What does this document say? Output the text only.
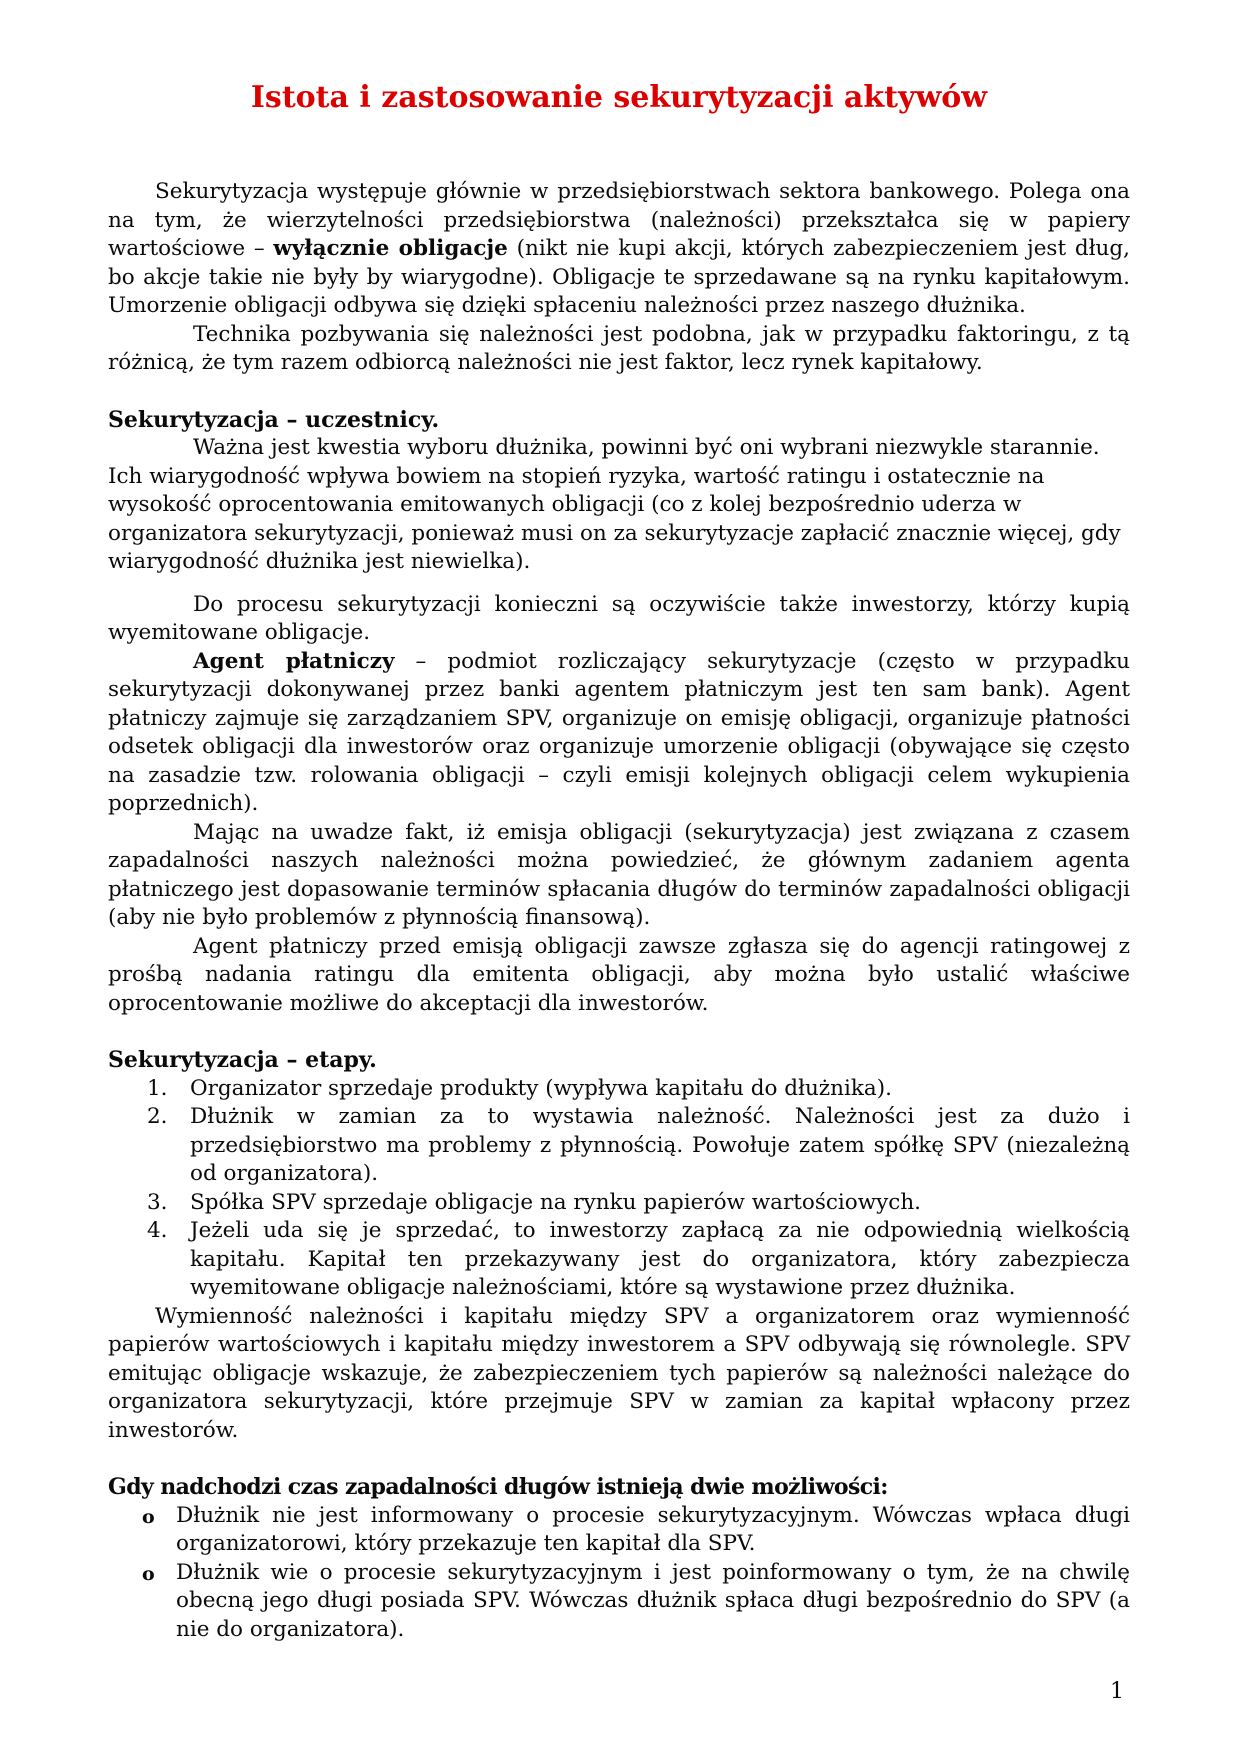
Istota i zastosowanie sekurytyzacji aktywów

Sekurytyzacja występuje głównie w przedsiębiorstwach sektora bankowego. Polega ona na tym, że wierzytelności przedsiębiorstwa (należności) przekształca się w papiery wartościowe – wyłącznie obligacje (nikt nie kupi akcji, których zabezpieczeniem jest dług, bo akcje takie nie były by wiarygodne). Obligacje te sprzedawane są na rynku kapitałowym. Umorzenie obligacji odbywa się dzięki spłaceniu należności przez naszego dłużnika.

Technika pozbywania się należności jest podobna, jak w przypadku faktoringu, z tą różnicą, że tym razem odbiorcą należności nie jest faktor, lecz rynek kapitałowy.

Sekurytyzacja – uczestnicy.

Ważna jest kwestia wyboru dłużnika, powinni być oni wybrani niezwykle starannie. Ich wiarygodność wpływa bowiem na stopień ryzyka, wartość ratingu i ostatecznie na wysokość oprocentowania emitowanych obligacji (co z kolej bezpośrednio uderza w organizatora sekurytyzacji, ponieważ musi on za sekurytyzacje zapłacić znacznie więcej, gdy wiarygodność dłużnika jest niewielka).

Do procesu sekurytyzacji konieczni są oczywiście także inwestorzy, którzy kupią wyemitowane obligacje.

Agent płatniczy – podmiot rozliczający sekurytyzacje (często w przypadku sekurytyzacji dokonywanej przez banki agentem płatniczym jest ten sam bank). Agent płatniczy zajmuje się zarządzaniem SPV, organizuje on emisję obligacji, organizuje płatności odsetek obligacji dla inwestorów oraz organizuje umorzenie obligacji (obywające się często na zasadzie tzw. rolowania obligacji – czyli emisji kolejnych obligacji celem wykupienia poprzednich).

Mając na uwadze fakt, iż emisja obligacji (sekurytyzacja) jest związana z czasem zapadalności naszych należności można powiedzieć, że głównym zadaniem agenta płatniczego jest dopasowanie terminów spłacania długów do terminów zapadalności obligacji (aby nie było problemów z płynnością finansową).

Agent płatniczy przed emisją obligacji zawsze zgłasza się do agencji ratingowej z prośbą nadania ratingu dla emitenta obligacji, aby można było ustalić właściwe oprocentowanie możliwe do akceptacji dla inwestorów.

Sekurytyzacja – etapy.
1. Organizator sprzedaje produkty (wypływa kapitału do dłużnika).
2. Dłużnik w zamian za to wystawia należność. Należności jest za dużo i przedsiębiorstwo ma problemy z płynnością. Powołuje zatem spółkę SPV (niezależną od organizatora).
3. Spółka SPV sprzedaje obligacje na rynku papierów wartościowych.
4. Jeżeli uda się je sprzedać, to inwestorzy zapłacą za nie odpowiednią wielkością kapitału. Kapitał ten przekazywany jest do organizatora, który zabezpiecza wyemitowane obligacje należnościami, które są wystawione przez dłużnika.

Wymienność należności i kapitału między SPV a organizatorem oraz wymienność papierów wartościowych i kapitału między inwestorem a SPV odbywają się równolegle. SPV emitując obligacje wskazuje, że zabezpieczeniem tych papierów są należności należące do organizatora sekurytyzacji, które przejmuje SPV w zamian za kapitał wpłacony przez inwestorów.

Gdy nadchodzi czas zapadalności długów istnieją dwie możliwości:
o Dłużnik nie jest informowany o procesie sekurytyzacyjnym. Wówczas wpłaca długi organizatorowi, który przekazuje ten kapitał dla SPV.
o Dłużnik wie o procesie sekurytyzacyjnym i jest poinformowany o tym, że na chwilę obecną jego długi posiada SPV. Wówczas dłużnik spłaca długi bezpośrednio do SPV (a nie do organizatora).
1
